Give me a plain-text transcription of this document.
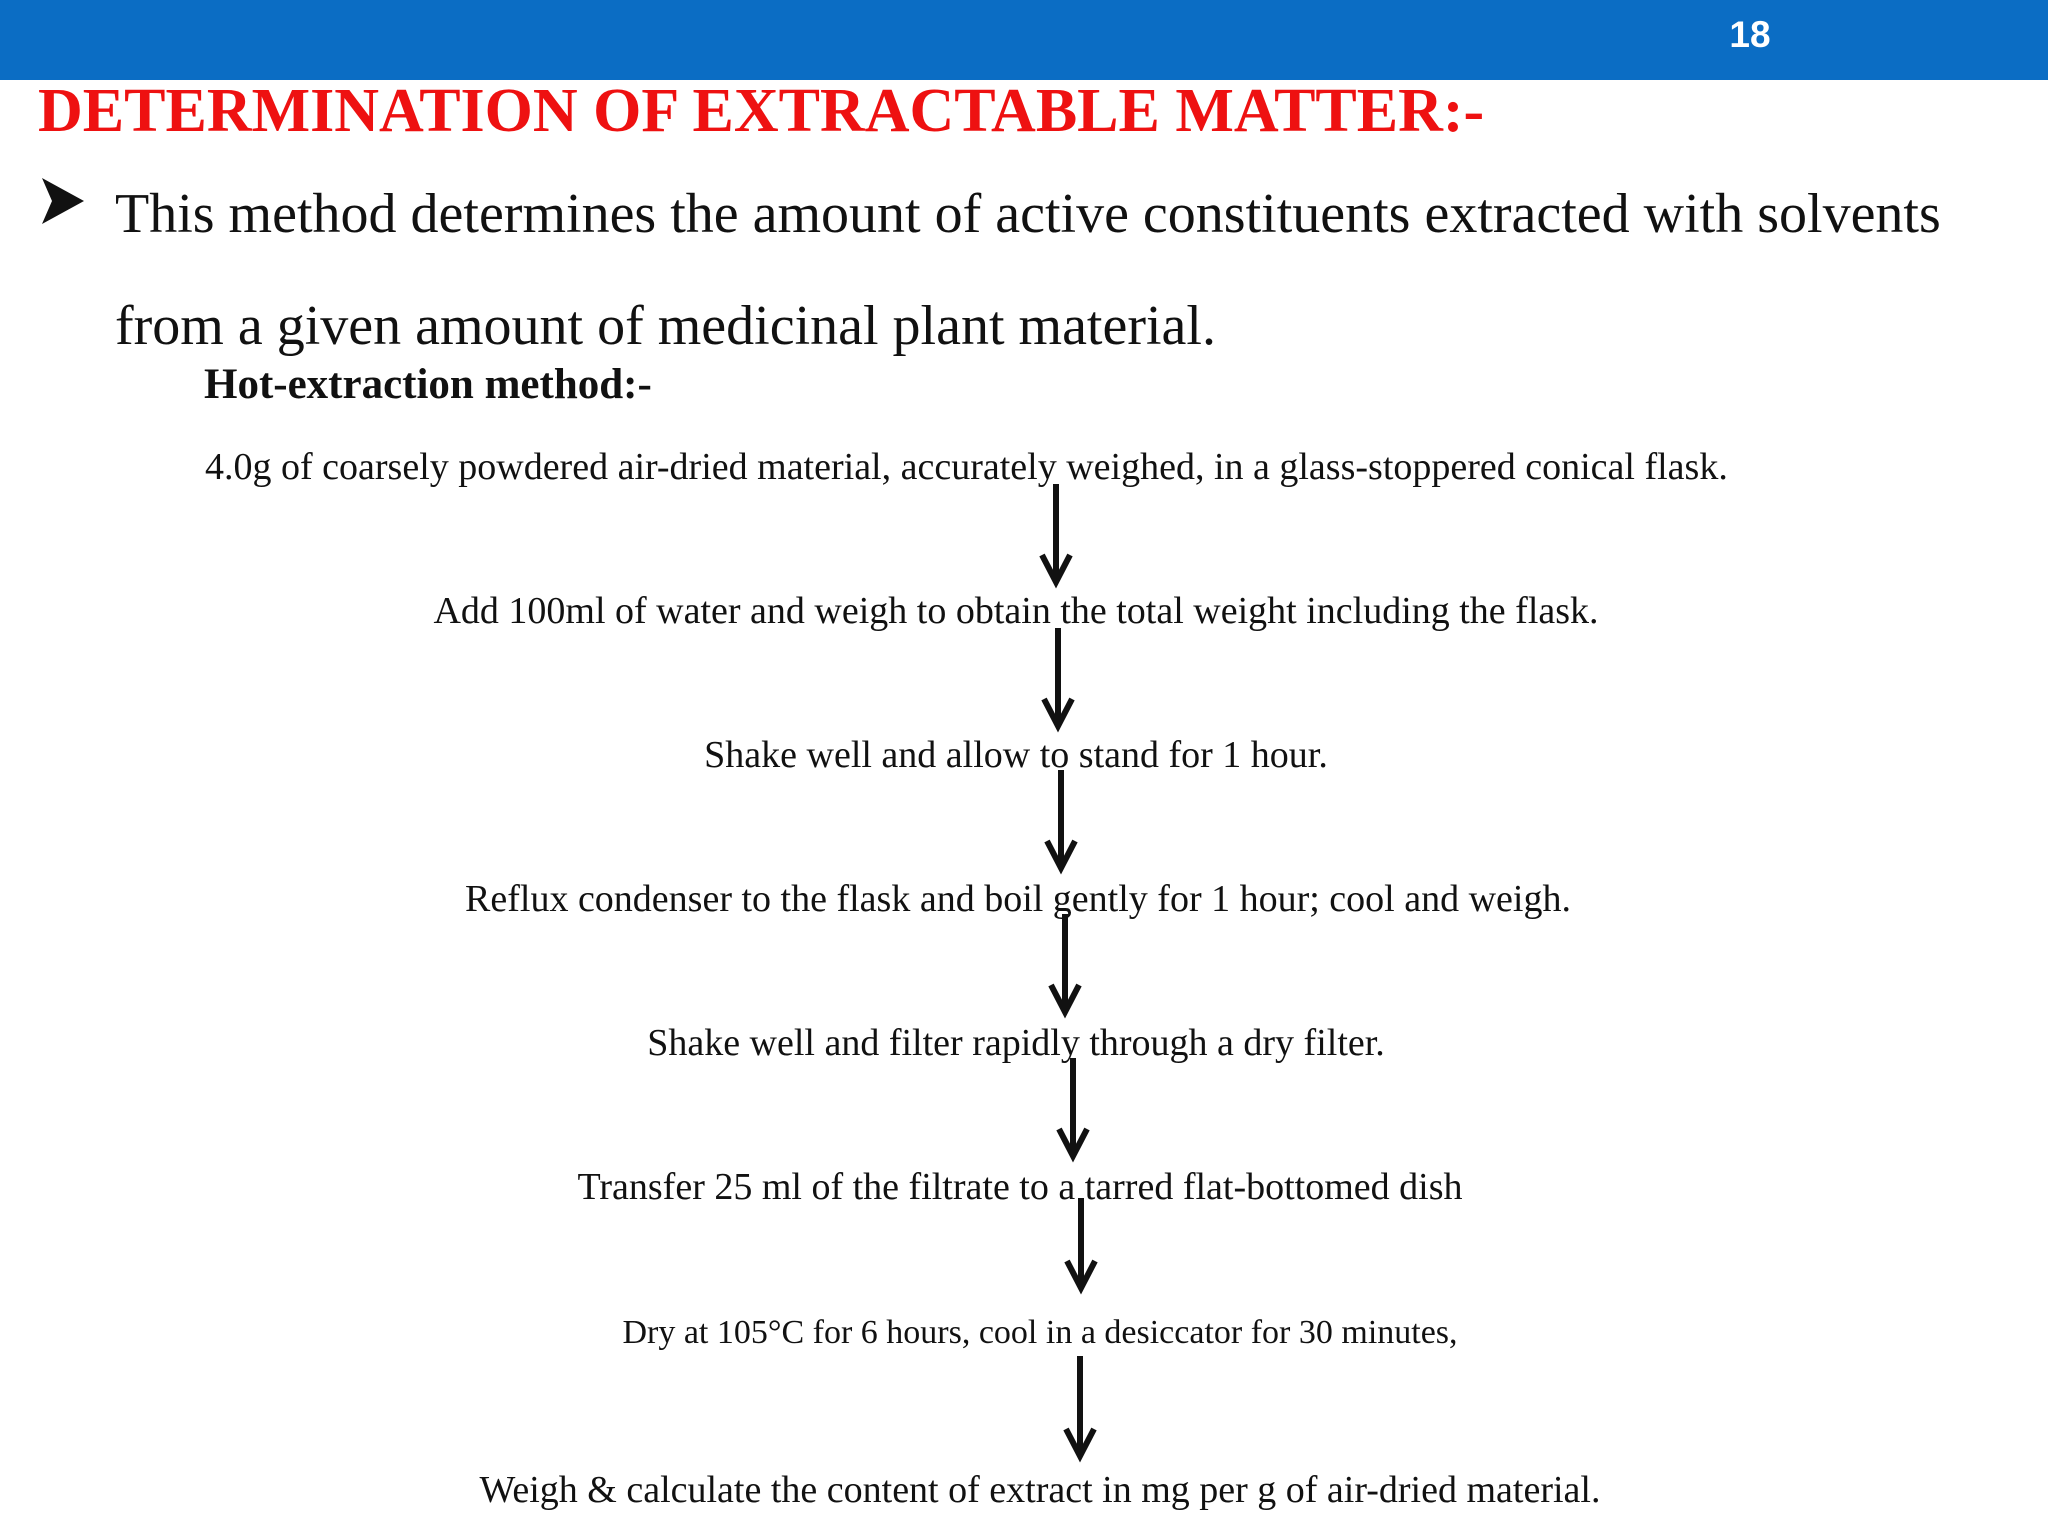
18
DETERMINATION OF EXTRACTABLE MATTER:-
This method determines the amount of active constituents extracted with solvents from a given amount of medicinal plant material.
Hot-extraction method:-
4.0g of coarsely powdered air-dried material, accurately weighed, in a glass-stoppered conical flask.
Add 100ml of water and weigh to obtain the total weight including the flask.
Shake well and allow to stand for 1 hour.
Reflux condenser to the flask and boil gently for 1 hour; cool and weigh.
Shake well and filter rapidly through a dry filter.
Transfer 25 ml of the filtrate to a tarred flat-bottomed dish
Dry at 105°C for 6 hours, cool in a desiccator for 30 minutes,
Weigh & calculate the content of extract in mg per g of air-dried material.
